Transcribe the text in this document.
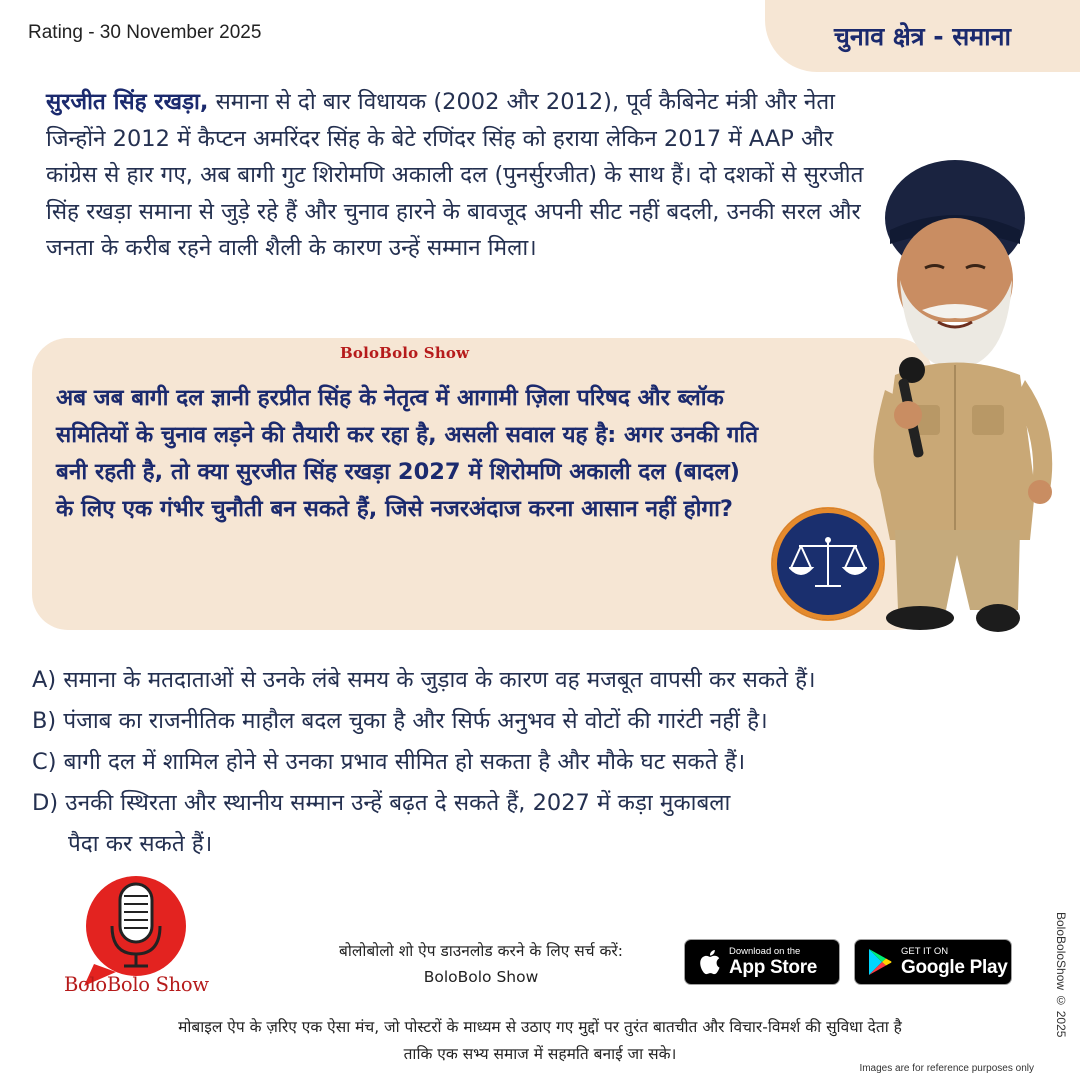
Rating - 30 November 2025	चुनाव क्षेत्र - समाना
सुरजीत सिंह रखड़ा, समाना से दो बार विधायक (2002 और 2012), पूर्व कैबिनेट मंत्री और नेता जिन्होंने 2012 में कैप्टन अमरिंदर सिंह के बेटे रणिंदर सिंह को हराया लेकिन 2017 में AAP और कांग्रेस से हार गए, अब बागी गुट शिरोमणि अकाली दल (पुनर्सुरजीत) के साथ हैं। दो दशकों से सुरजीत सिंह रखड़ा समाना से जुड़े रहे हैं और चुनाव हारने के बावजूद अपनी सीट नहीं बदली, उनकी सरल और जनता के करीब रहने वाली शैली के कारण उन्हें सम्मान मिला।
BoloBolo Show
अब जब बागी दल ज्ञानी हरप्रीत सिंह के नेतृत्व में आगामी ज़िला परिषद और ब्लॉक समितियों के चुनाव लड़ने की तैयारी कर रहा है, असली सवाल यह है: अगर उनकी गति बनी रहती है, तो क्या सुरजीत सिंह रखड़ा 2027 में शिरोमणि अकाली दल (बादल) के लिए एक गंभीर चुनौती बन सकते हैं, जिसे नजरअंदाज करना आसान नहीं होगा?
A) समाना के मतदाताओं से उनके लंबे समय के जुड़ाव के कारण वह मजबूत वापसी कर सकते हैं।
B) पंजाब का राजनीतिक माहौल बदल चुका है और सिर्फ अनुभव से वोटों की गारंटी नहीं है।
C) बागी दल में शामिल होने से उनका प्रभाव सीमित हो सकता है और मौके घट सकते हैं।
D) उनकी स्थिरता और स्थानीय सम्मान उन्हें बढ़त दे सकते हैं, 2027 में कड़ा मुकाबला
पैदा कर सकते हैं।
BoloBolo Show
बोलोबोलो शो ऐप डाउनलोड करने के लिए सर्च करें:
BoloBolo Show
Download on the
App Store
GET IT ON
Google Play
मोबाइल ऐप के ज़रिए एक ऐसा मंच, जो पोस्टरों के माध्यम से उठाए गए मुद्दों पर तुरंत बातचीत और विचार-विमर्श की सुविधा देता है
ताकि एक सभ्य समाज में सहमति बनाई जा सके।
BoloBoloShow © 2025
Images are for reference purposes only
